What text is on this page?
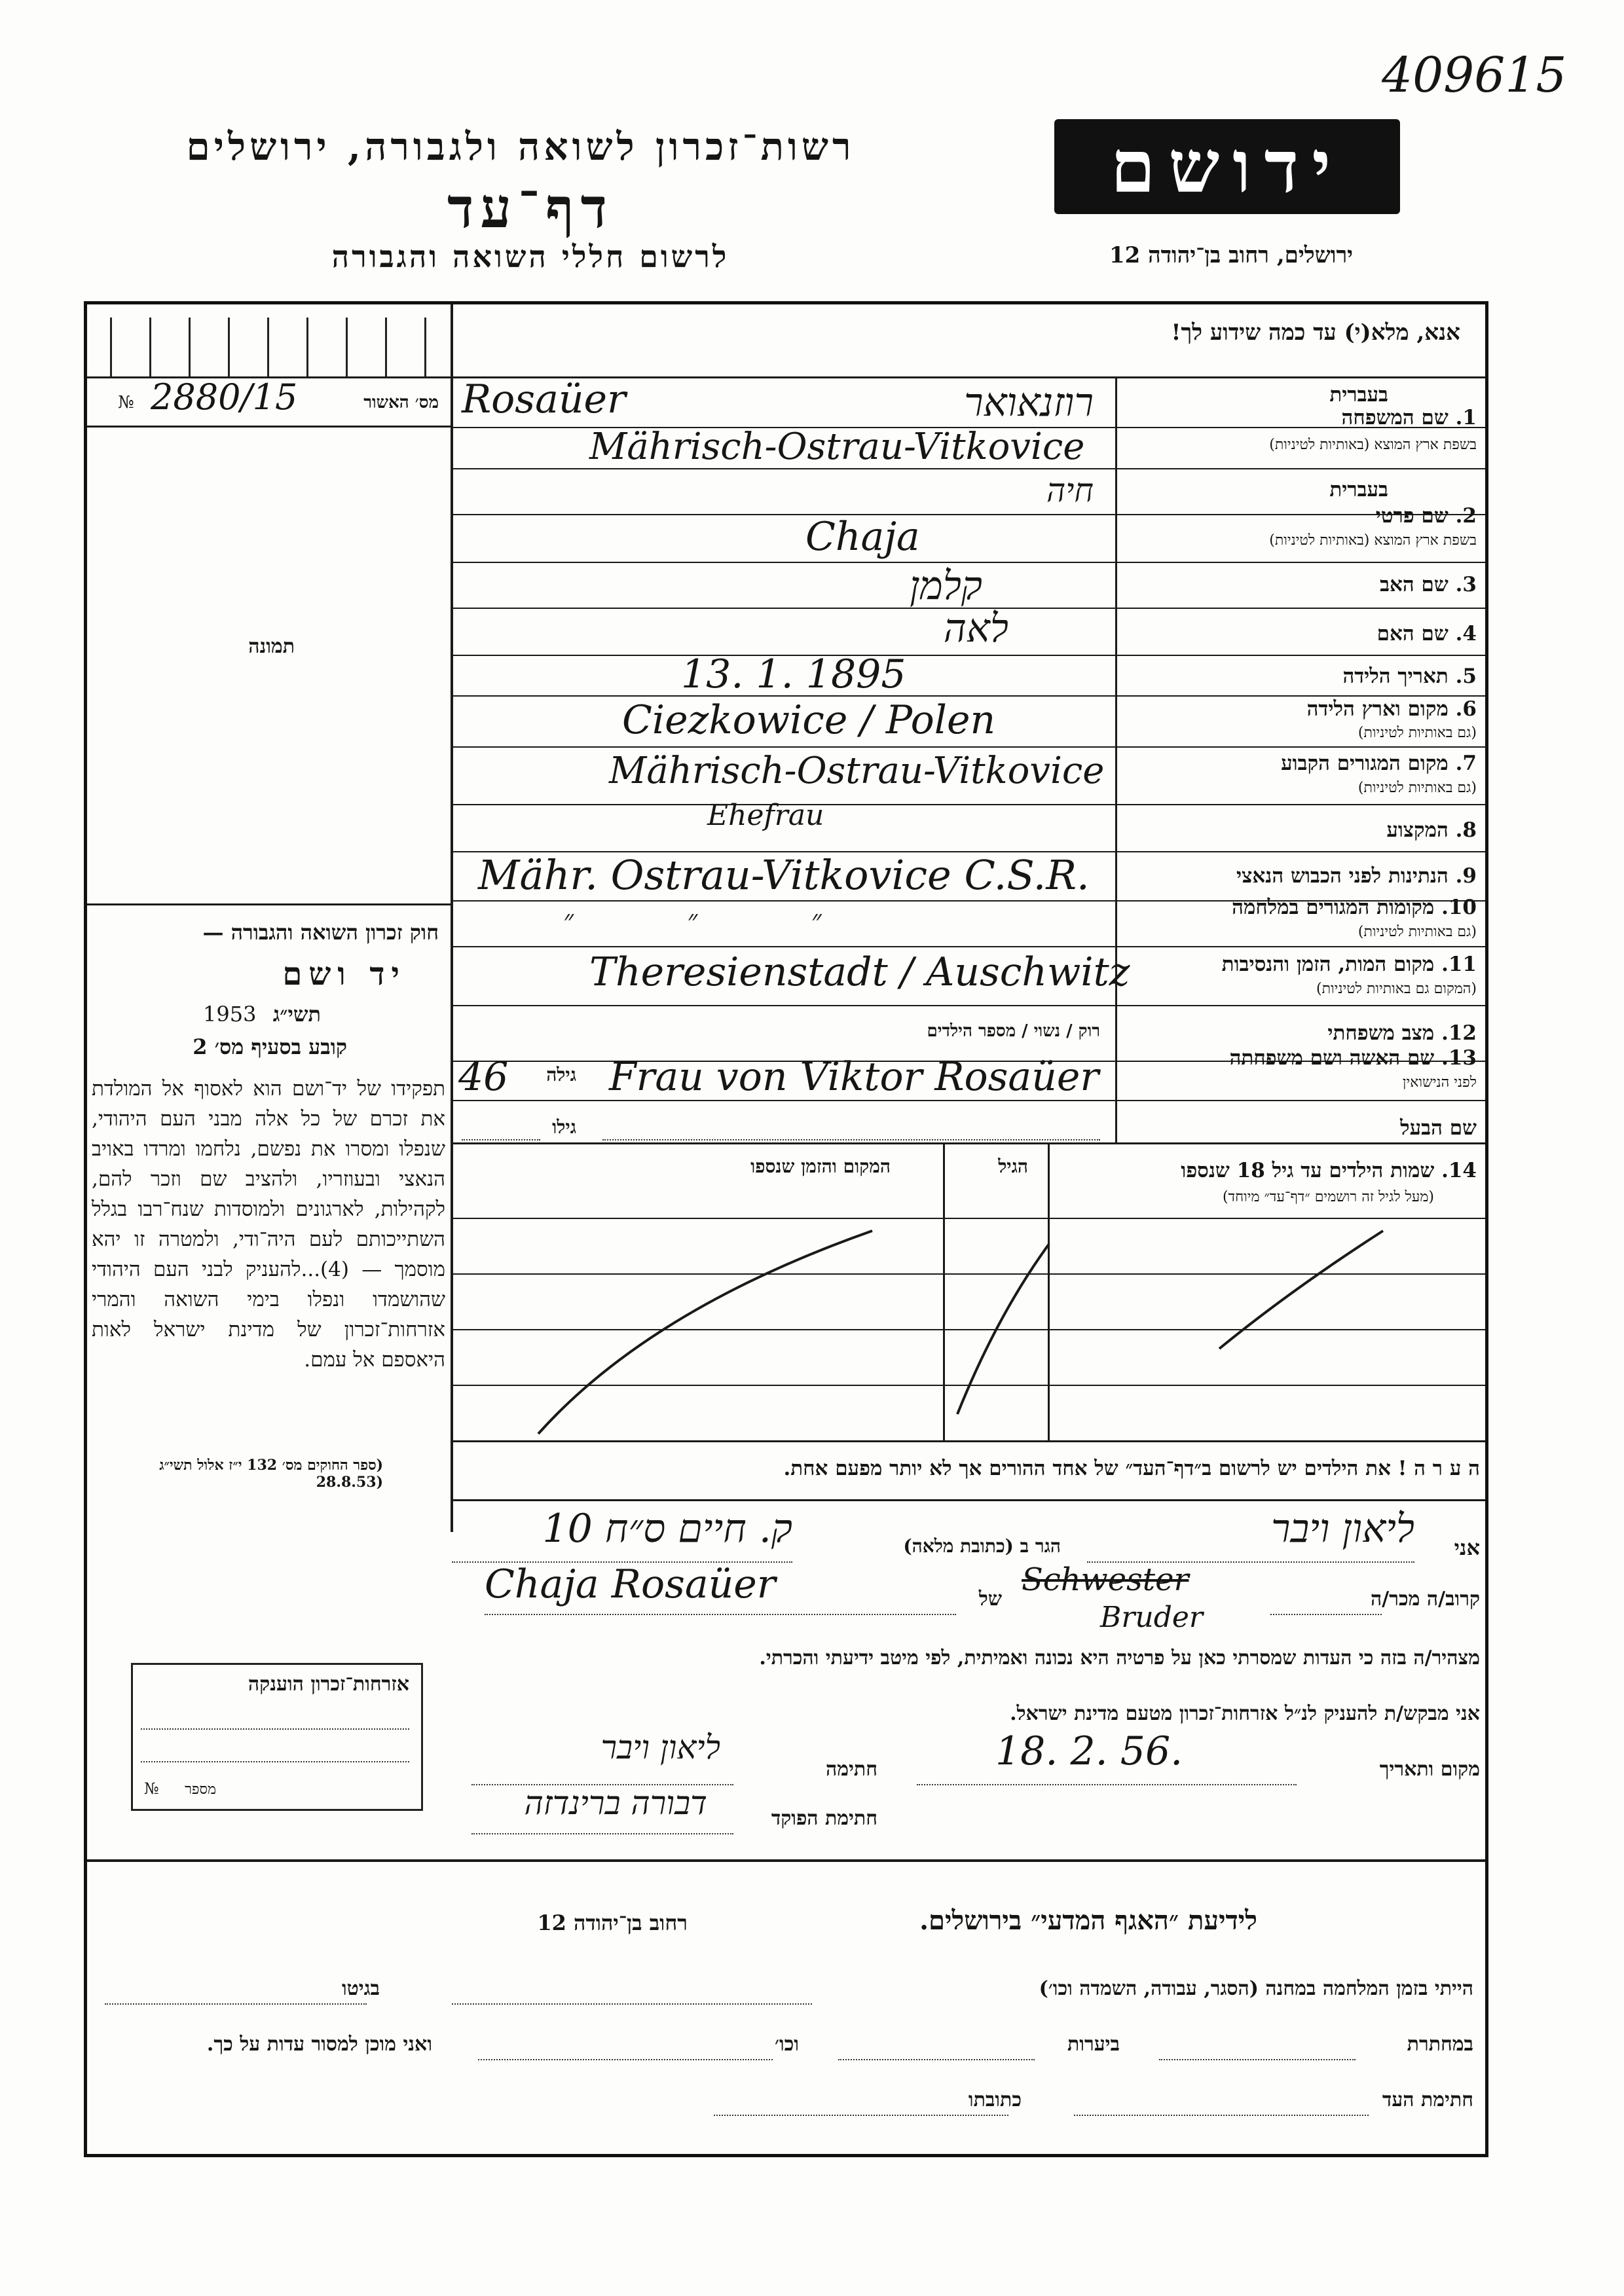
409615
רשות־זכרון לשואה ולגבורה, ירושלים
דף־עד
לרשום חללי השואה והגבורה
ידושם
ירושלים, רחוב בן־יהודה 12
אנא, מלא(י) עד כמה שידוע לך!
מס׳ האשור
2880/15
№
תמונה
חוק זכרון השואה והגבורה —
יד ושם
תשי״ג
1953
קובע בסעיף מס׳ 2
תפקידו של יד־ושם הוא לאסוף אל המולדת את זכרם של כל אלה מבני העם היהודי, שנפלו ומסרו את נפשם, נלחמו ומרדו באויב הנאצי ובעוזריו, ולהציב שם וזכר להם, לקהילות, לארגונים ולמוסדות שנח־רבו בגלל השתייכותם לעם היה־ודי, ולמטרה זו יהא מוסמך — (4)...להעניק לבני העם היהודי שהושמדו ונפלו בימי השואה והמרי אזרחות־זכרון של מדינת ישראל לאות היאספם אל עמם.
(ספר החוקים מס׳ 132 י״ז אלול תשי״ג (28.8.53
בעברית
1. שם המשפחה
בשפת ארץ המוצא (באותיות לטיניות)
בעברית
2. שם פרטי
בשפת ארץ המוצא (באותיות לטיניות)
3. שם האב
4. שם האם
5. תאריך הלידה
6. מקום וארץ הלידה
(גם באותיות לטיניות)
7. מקום המגורים הקבוע
(גם באותיות לטיניות)
8. המקצוע
9. הנתינות לפני הכבוש הנאצי
10. מקומות המגורים במלחמה
(גם באותיות לטיניות)
11. מקום המות, הזמן והנסיבות
(המקום גם באותיות לטיניות)
12. מצב משפחתי
13. שם האשה ושם משפחתה
לפני הנישואין
שם הבעל
Rosaüer	רוזנאואר
Mährisch-Ostrau-Vitkovice
חיה
Chaja
קלמן
לאה
13. 1. 1895
Ciezkowice / Polen
Mährisch-Ostrau-Vitkovice
Ehefrau
Mähr. Ostrau-Vitkovice C.S.R.
״ ״ ״
Theresienstadt / Auschwitz
רוק / נשוי / מספר הילדים
Frau von Viktor Rosaüer
46 גילה
גילו
14. שמות הילדים עד גיל 18 שנספו
(מעל לגיל זה רושמים ״דף־עד״ מיוחד)
הגיל
המקום והזמן שנספו
ה ע ר ה ! את הילדים יש לרשום ב״דף־העד״ של אחד ההורים אך לא יותר מפעם אחת.
אני
ליאון ויבר
הגר ב (כתובת מלאה)
ק. חיים ס״ח 10
קרוב/ה מכר/ה
Schwester
Bruder
של
Chaja Rosaüer
מצהיר/ה בזה כי העדות שמסרתי כאן על פרטיה היא נכונה ואמיתית, לפי מיטב ידיעתי והכרתי.
אני מבקש/ת להעניק לנ״ל אזרחות־זכרון מטעם מדינת ישראל.
מקום ותאריך
18. 2. 56.
חתימה
ליאון ויבר
חתימת הפוקד
דבורה ברינדזה
אזרחות־זכרון הוענקה
מספר
№
לידיעת ״האגף המדעי״ בירושלים.
רחוב בן־יהודה 12
הייתי בזמן המלחמה במחנה (הסגר, עבודה, השמדה וכו׳)
בגיטו
במחתרת
ביערות
וכו׳
ואני מוכן למסור עדות על כך.
חתימת העד
כתובתו
